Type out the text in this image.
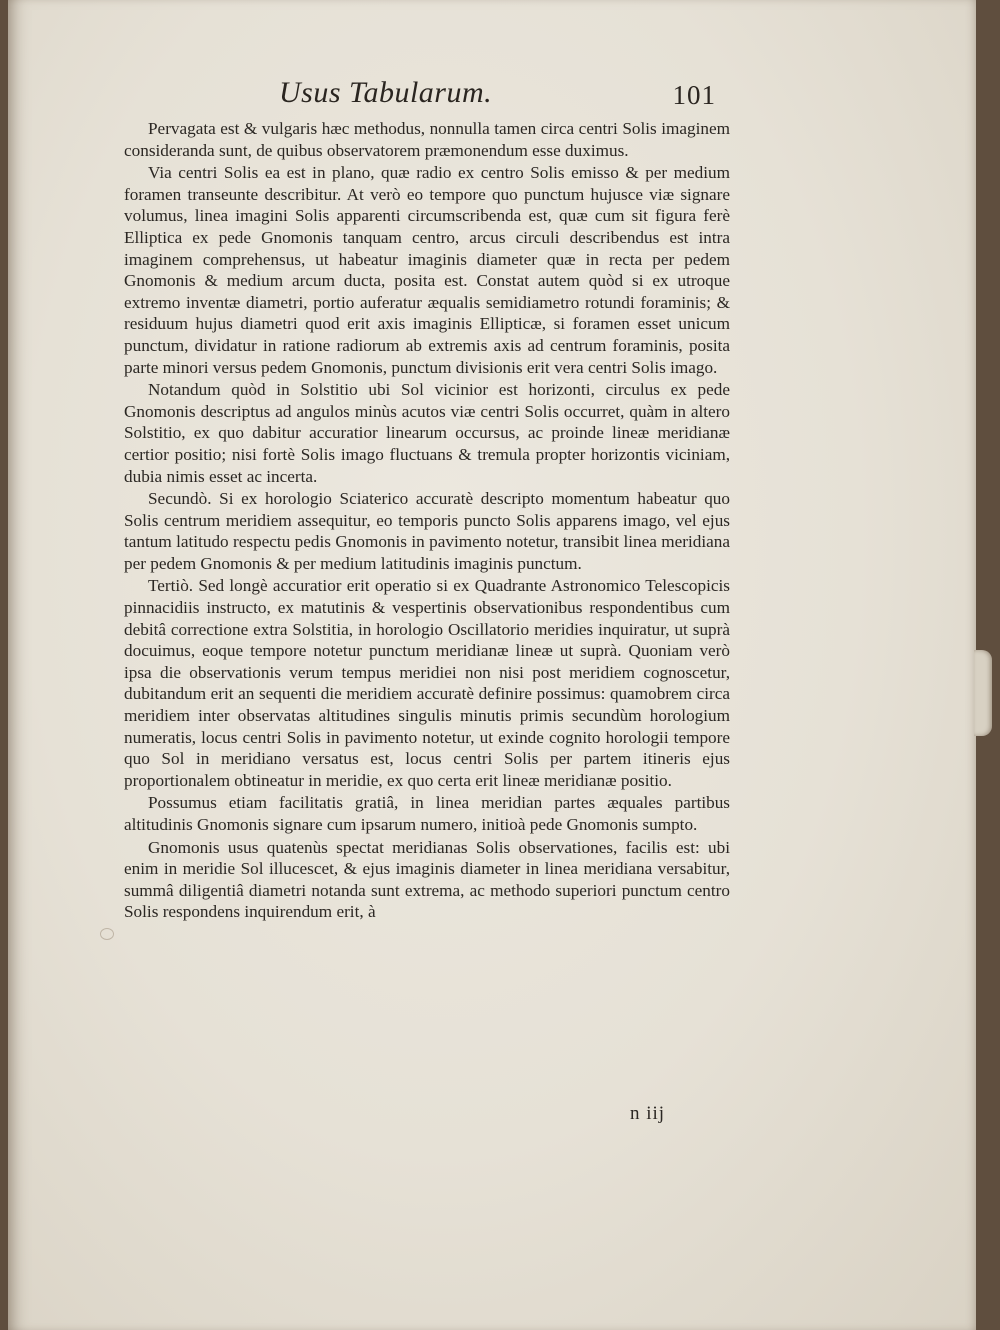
Usus Tabularum.	101

Pervagata est & vulgaris hæc methodus, nonnulla tamen circa centri Solis imaginem consideranda sunt, de quibus observatorem præmonendum esse duximus.

Via centri Solis ea est in plano, quæ radio ex centro Solis emisso & per medium foramen transeunte describitur. At verò eo tempore quo punctum hujusce viæ signare volumus, linea imagini Solis apparenti circumscribenda est, quæ cum sit figura ferè Elliptica ex pede Gnomonis tanquam centro, arcus circuli describendus est intra imaginem comprehensus, ut habeatur imaginis diameter quæ in recta per pedem Gnomonis & medium arcum ducta, posita est. Constat autem quòd si ex utroque extremo inventæ diametri, portio auferatur æqualis semidiametro rotundi foraminis; & residuum hujus diametri quod erit axis imaginis Ellipticæ, si foramen esset unicum punctum, dividatur in ratione radiorum ab extremis axis ad centrum foraminis, posita parte minori versus pedem Gnomonis, punctum divisionis erit vera centri Solis imago.

Notandum quòd in Solstitio ubi Sol vicinior est horizonti, circulus ex pede Gnomonis descriptus ad angulos minùs acutos viæ centri Solis occurret, quàm in altero Solstitio, ex quo dabitur accuratior linearum occursus, ac proinde lineæ meridianæ certior positio; nisi fortè Solis imago fluctuans & tremula propter horizontis viciniam, dubia nimis esset ac incerta.

Secundò. Si ex horologio Sciaterico accuratè descripto momentum habeatur quo Solis centrum meridiem assequitur, eo temporis puncto Solis apparens imago, vel ejus tantum latitudo respectu pedis Gnomonis in pavimento notetur, transibit linea meridiana per pedem Gnomonis & per medium latitudinis imaginis punctum.

Tertiò. Sed longè accuratior erit operatio si ex Quadrante Astronomico Telescopicis pinnacidiis instructo, ex matutinis & vespertinis observationibus respondentibus cum debitâ correctione extra Solstitia, in horologio Oscillatorio meridies inquiratur, ut suprà docuimus, eoque tempore notetur punctum meridianæ lineæ ut suprà. Quoniam verò ipsa die observationis verum tempus meridiei non nisi post meridiem cognoscetur, dubitandum erit an sequenti die meridiem accuratè definire possimus: quamobrem circa meridiem inter observatas altitudines singulis minutis primis secundùm horologium numeratis, locus centri Solis in pavimento notetur, ut exinde cognito horologii tempore quo Sol in meridiano versatus est, locus centri Solis per partem itineris ejus proportionalem obtineatur in meridie, ex quo certa erit lineæ meridianæ positio.

Possumus etiam facilitatis gratiâ, in linea meridian partes æquales partibus altitudinis Gnomonis signare cum ipsarum numero, initioà pede Gnomonis sumpto.

Gnomonis usus quatenùs spectat meridianas Solis observationes, facilis est: ubi enim in meridie Sol illucescet, & ejus imaginis diameter in linea meridiana versabitur, summâ diligentiâ diametri notanda sunt extrema, ac methodo superiori punctum centro Solis respondens inquirendum erit, à

n iij
